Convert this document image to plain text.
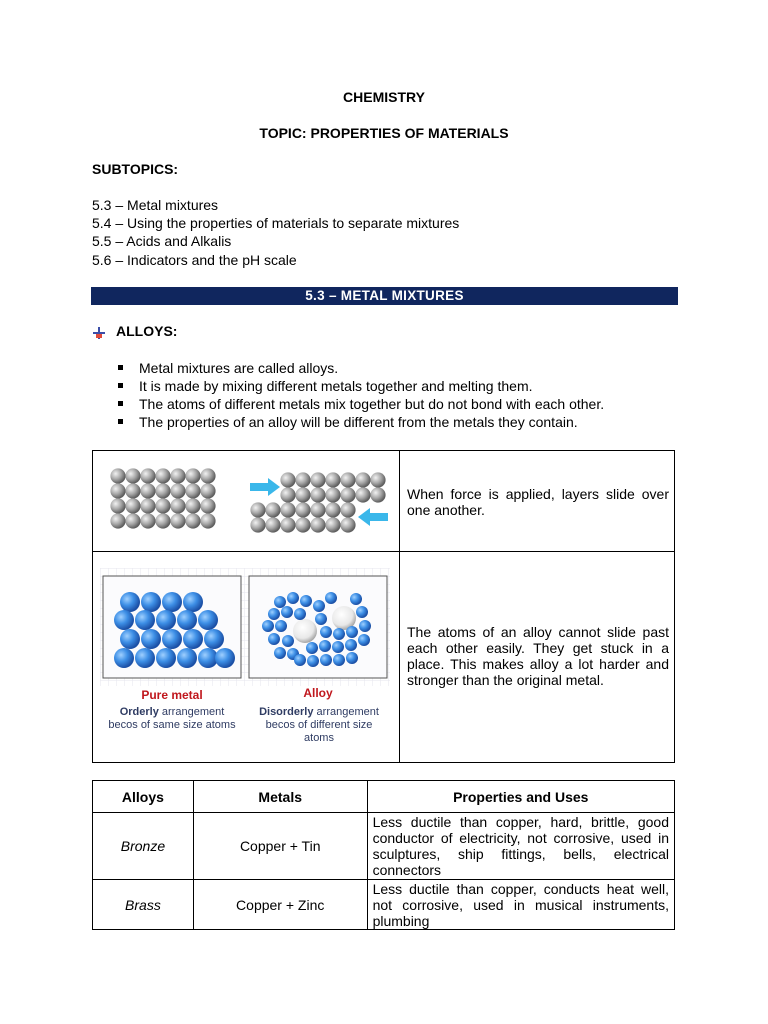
CHEMISTRY
TOPIC: PROPERTIES OF MATERIALS
SUBTOPICS:
5.3 – Metal mixtures
5.4 – Using the properties of materials to separate mixtures
5.5 – Acids and Alkalis
5.6 – Indicators and the pH scale
5.3 – METAL MIXTURES
ALLOYS:
Metal mixtures are called alloys.
It is made by mixing different metals together and melting them.
The atoms of different metals mix together but do not bond with each other.
The properties of an alloy will be different from the metals they contain.
When force is applied, layers slide over one another.
Pure metal
Orderly arrangement
becos of same size atoms
Alloy
Disorderly arrangement
becos of different size
atoms
The atoms of an alloy cannot slide past each other easily. They get stuck in a place. This makes alloy a lot harder and stronger than the original metal.
Alloys	Metals	Properties and Uses
Bronze	Copper + Tin	Less ductile than copper, hard, brittle, good conductor of electricity, not corrosive, used in sculptures, ship fittings, bells, electrical connectors
Brass	Copper + Zinc	Less ductile than copper, conducts heat well, not corrosive, used in musical instruments, plumbing
